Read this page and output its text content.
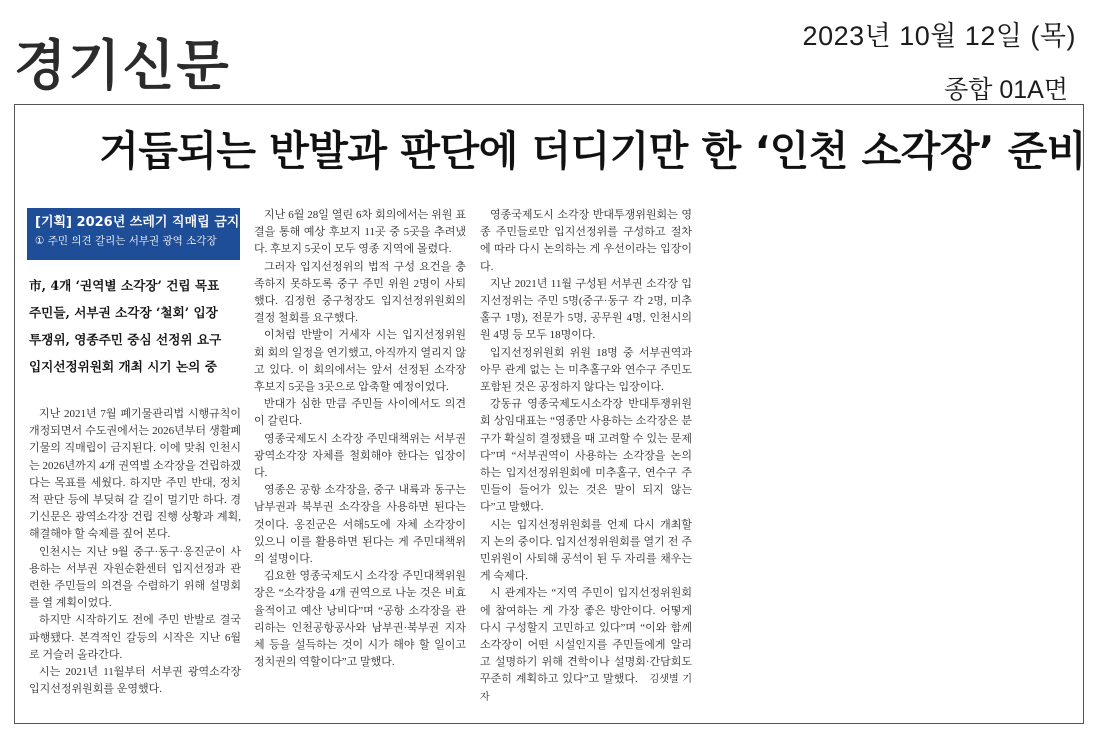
경기신문	2023년 10월 12일 (목)
종합 01A면
거듭되는 반발과 판단에 더디기만 한 ‘인천 소각장’ 준비
[기획] 2026년 쓰레기 직매립 금지
① 주민 의견 갈리는 서부권 광역 소각장
市, 4개 ‘권역별 소각장’ 건립 목표
주민들, 서부권 소각장 ‘철회’ 입장
투쟁위, 영종주민 중심 선정위 요구
입지선정위원회 개최 시기 논의 중

지난 2021년 7월 폐기물관리법 시행규칙이 개정되면서 수도권에서는 2026년부터 생활폐기물의 직매립이 금지된다. 이에 맞춰 인천시는 2026년까지 4개 권역별 소각장을 건립하겠다는 목표를 세웠다. 하지만 주민 반대, 정치적 판단 등에 부딪혀 갈 길이 멀기만 하다. 경기신문은 광역소각장 건립 진행 상황과 계획, 해결해야 할 숙제를 짚어 본다.

인천시는 지난 9월 중구·동구·옹진군이 사용하는 서부권 자원순환센터 입지선정과 관련한 주민들의 의견을 수렴하기 위해 설명회를 열 계획이었다.

하지만 시작하기도 전에 주민 반발로 결국 파행됐다. 본격적인 갈등의 시작은 지난 6월로 거슬러 올라간다.

시는 2021년 11월부터 서부권 광역소각장 입지선정위원회를 운영했다.

지난 6월 28일 열린 6차 회의에서는 위원 표결을 통해 예상 후보지 11곳 중 5곳을 추려냈다. 후보지 5곳이 모두 영종 지역에 몰렸다.

그러자 입지선정위의 법적 구성 요건을 충족하지 못하도록 중구 주민 위원 2명이 사퇴했다. 김정헌 중구청장도 입지선정위원회의 결정 철회를 요구했다.

이처럼 반발이 거세자 시는 입지선정위원회 회의 일정을 연기했고, 아직까지 열리지 않고 있다. 이 회의에서는 앞서 선정된 소각장 후보지 5곳을 3곳으로 압축할 예정이었다.

반대가 심한 만큼 주민들 사이에서도 의견이 갈린다.

영종국제도시 소각장 주민대책위는 서부권 광역소각장 자체를 철회해야 한다는 입장이다.

영종은 공항 소각장을, 중구 내륙과 동구는 남부권과 북부권 소각장을 사용하면 된다는 것이다. 옹진군은 서해5도에 자체 소각장이 있으니 이를 활용하면 된다는 게 주민대책위의 설명이다.

김요한 영종국제도시 소각장 주민대책위원장은 “소각장을 4개 권역으로 나눈 것은 비효율적이고 예산 낭비다”며 “공항 소각장을 관리하는 인천공항공사와 남부권·북부권 지자체 등을 설득하는 것이 시가 해야 할 일이고 정치권의 역할이다”고 말했다.

영종국제도시 소각장 반대투쟁위원회는 영종 주민들로만 입지선정위를 구성하고 절차에 따라 다시 논의하는 게 우선이라는 입장이다.

지난 2021년 11월 구성된 서부권 소각장 입지선정위는 주민 5명(중구·동구 각 2명, 미추홀구 1명), 전문가 5명, 공무원 4명, 인천시의원 4명 등 모두 18명이다.

입지선정위원회 위원 18명 중 서부권역과 아무 관계 없는 는 미추홀구와 연수구 주민도 포함된 것은 공정하지 않다는 입장이다.

강동규 영종국제도시소각장 반대투쟁위원회 상임대표는 “영종만 사용하는 소각장은 분구가 확실히 결정됐을 때 고려할 수 있는 문제다”며 “서부권역이 사용하는 소각장을 논의하는 입지선정위원회에 미추홀구, 연수구 주민들이 들어가 있는 것은 말이 되지 않는다”고 말했다.

시는 입지선정위원회를 언제 다시 개최할지 논의 중이다. 입지선정위원회를 열기 전 주민위원이 사퇴해 공석이 된 두 자리를 채우는 게 숙제다.

시 관계자는 “지역 주민이 입지선정위원회에 참여하는 게 가장 좋은 방안이다. 어떻게 다시 구성할지 고민하고 있다”며 “이와 함께 소각장이 어떤 시설인지를 주민들에게 알리고 설명하기 위해 견학이나 설명회·간담회도 꾸준히 계획하고 있다”고 말했다. 김샛별 기자
